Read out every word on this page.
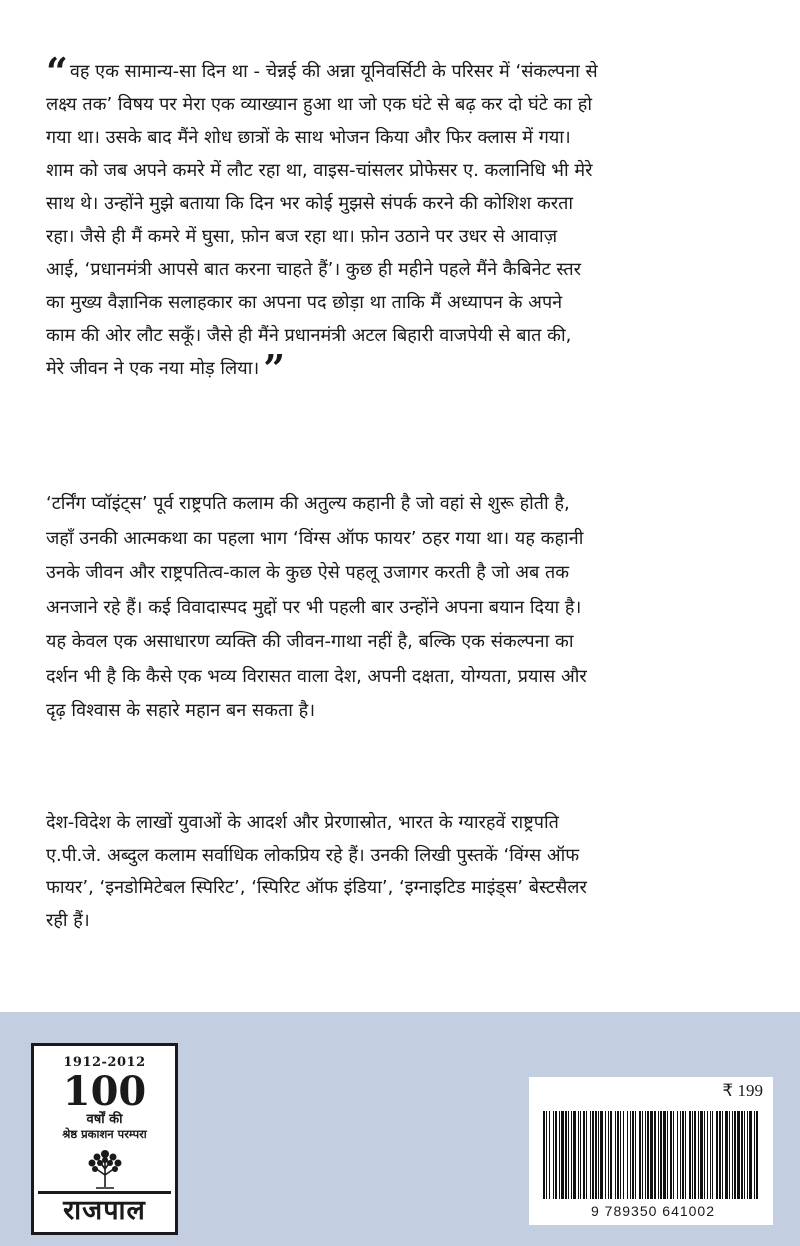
“ वह एक सामान्य-सा दिन था - चेन्नई की अन्ना यूनिवर्सिटी के परिसर में ‘संकल्पना से
लक्ष्य तक’ विषय पर मेरा एक व्याख्यान हुआ था जो एक घंटे से बढ़ कर दो घंटे का हो
गया था। उसके बाद मैंने शोध छात्रों के साथ भोजन किया और फिर क्लास में गया।
शाम को जब अपने कमरे में लौट रहा था, वाइस-चांसलर प्रोफेसर ए. कलानिधि भी मेरे
साथ थे। उन्होंने मुझे बताया कि दिन भर कोई मुझसे संपर्क करने की कोशिश करता
रहा। जैसे ही मैं कमरे में घुसा, फ़ोन बज रहा था। फ़ोन उठाने पर उधर से आवाज़
आई, ‘प्रधानमंत्री आपसे बात करना चाहते हैं’। कुछ ही महीने पहले मैंने कैबिनेट स्तर
का मुख्य वैज्ञानिक सलाहकार का अपना पद छोड़ा था ताकि मैं अध्यापन के अपने
काम की ओर लौट सकूँ। जैसे ही मैंने प्रधानमंत्री अटल बिहारी वाजपेयी से बात की,
मेरे जीवन ने एक नया मोड़ लिया। ”
‘टर्निंग प्वॉइंट्स’ पूर्व राष्ट्रपति कलाम की अतुल्य कहानी है जो वहां से शुरू होती है,
जहाँ उनकी आत्मकथा का पहला भाग ‘विंग्स ऑफ फायर’ ठहर गया था। यह कहानी
उनके जीवन और राष्ट्रपतित्व-काल के कुछ ऐसे पहलू उजागर करती है जो अब तक
अनजाने रहे हैं। कई विवादास्पद मुद्दों पर भी पहली बार उन्होंने अपना बयान दिया है।
यह केवल एक असाधारण व्यक्ति की जीवन-गाथा नहीं है, बल्कि एक संकल्पना का
दर्शन भी है कि कैसे एक भव्य विरासत वाला देश, अपनी दक्षता, योग्यता, प्रयास और
दृढ़ विश्वास के सहारे महान बन सकता है।
देश-विदेश के लाखों युवाओं के आदर्श और प्रेरणास्रोत, भारत के ग्यारहवें राष्ट्रपति
ए.पी.जे. अब्दुल कलाम सर्वाधिक लोकप्रिय रहे हैं। उनकी लिखी पुस्तकें ‘विंग्स ऑफ
फायर’, ‘इनडोमिटेबल स्पिरिट’, ‘स्पिरिट ऑफ इंडिया’, ‘इग्नाइटिड माइंड्स’ बेस्टसैलर
रही हैं।
1912-2012
100
वर्षों की
श्रेष्ठ प्रकाशन परम्परा
राजपाल
₹ 199
9 789350 641002
